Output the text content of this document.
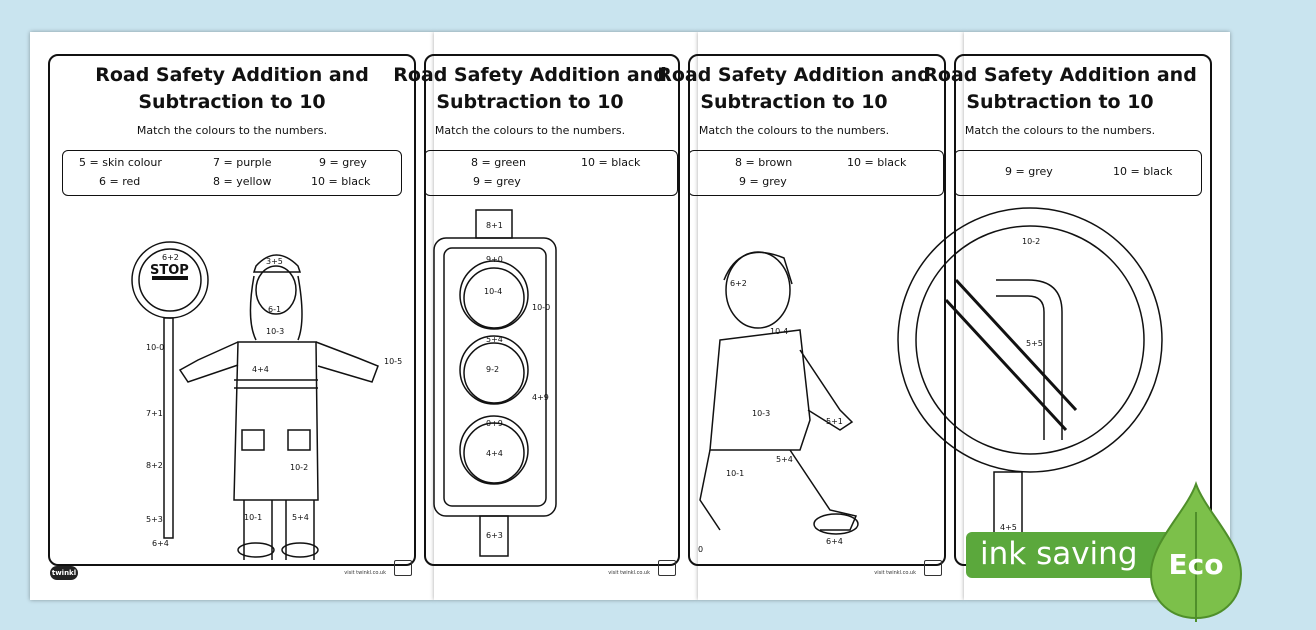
Road Safety Addition and
Subtraction to 10
Match the colours to the numbers.
5 = skin colour	7 = purple	9 = grey
6 = red	8 = yellow	10 = black
6+2
STOP
3+5
6-1
10-3
10-0
4+4
10-5
7+1
8+2	10-2
5+3	10-1	5+4
6+4
twinkl	visit twinkl.co.uk
Road Safety Addition and
Subtraction to 10
Match the colours to the numbers.
8 = green	10 = black
9 = grey
8+1
9+0
10-4
10-0
5+4
9-2
4+9
0+9
4+4
6+3
visit twinkl.co.uk
Road Safety Addition and
Subtraction to 10
Match the colours to the numbers.
8 = brown	10 = black
9 = grey
6+2
10-4
10-3
5+1
10-1
5+4
6+4
0
visit twinkl.co.uk
Road Safety Addition and
Subtraction to 10
Match the colours to the numbers.
9 = grey	10 = black
10-2
5+5
4+5
ink saving Eco
